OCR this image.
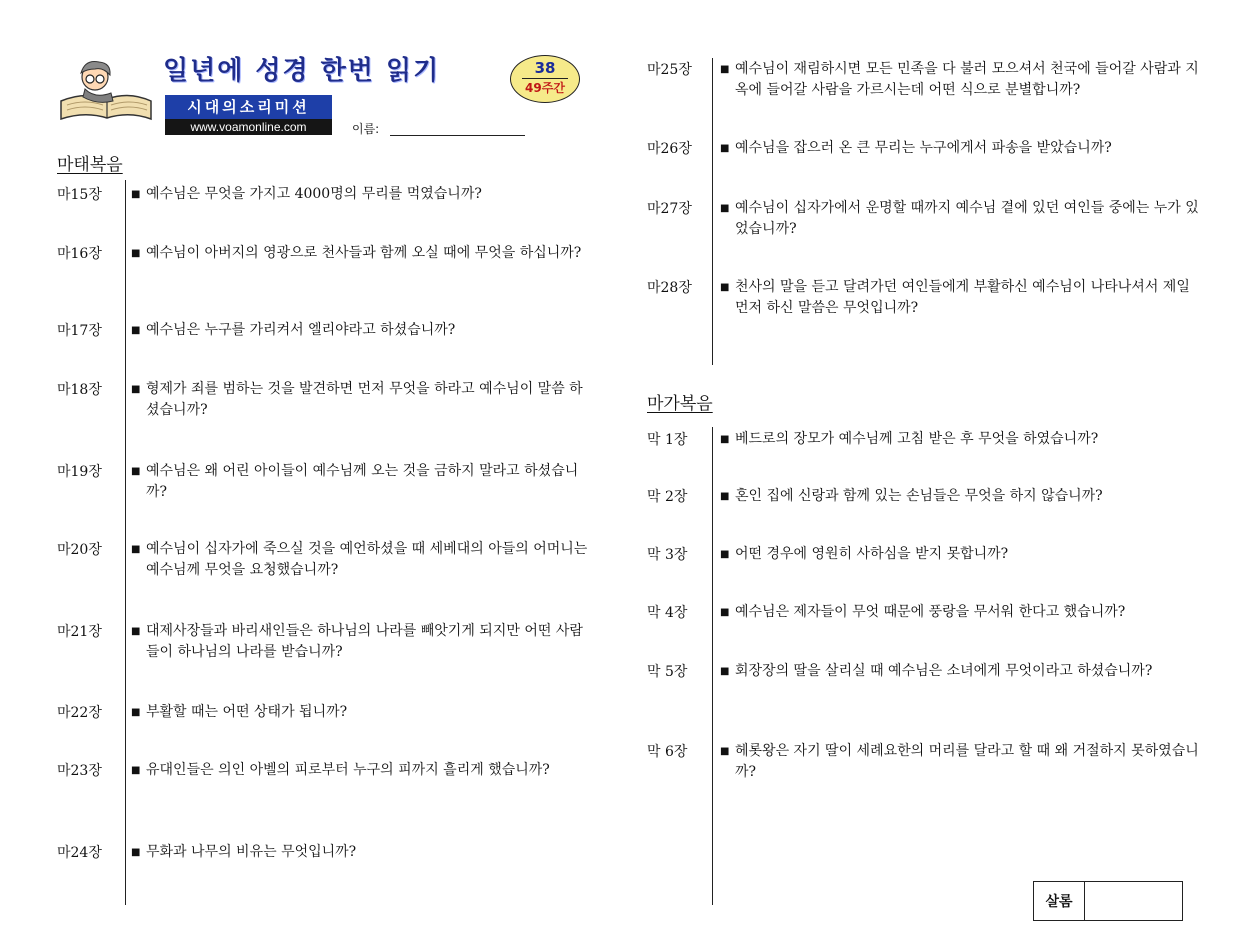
일년에 성경 한번 읽기	38
49주간
시대의소리미션
www.voamonline.com	이름:
마태복음
마15장	■ 예수님은 무엇을 가지고 4000명의 무리를 먹였습니까?
마16장	■ 예수님이 아버지의 영광으로 천사들과 함께 오실 때에 무엇을 하십니까?
마17장	■ 예수님은 누구를 가리켜서 엘리야라고 하셨습니까?
마18장	■ 형제가 죄를 범하는 것을 발견하면 먼저 무엇을 하라고 예수님이 말씀 하셨습니까?
마19장	■ 예수님은 왜 어린 아이들이 예수님께 오는 것을 금하지 말라고 하셨습니까?
마20장	■ 예수님이 십자가에 죽으실 것을 예언하셨을 때 세베대의 아들의 어머니는 예수님께 무엇을 요청했습니까?
마21장	■ 대제사장들과 바리새인들은 하나님의 나라를 빼앗기게 되지만 어떤 사람들이 하나님의 나라를 받습니까?
마22장	■ 부활할 때는 어떤 상태가 됩니까?
마23장	■ 유대인들은 의인 아벨의 피로부터 누구의 피까지 흘리게 했습니까?
마24장	■ 무화과 나무의 비유는 무엇입니까?
마25장	■ 예수님이 재림하시면 모든 민족을 다 불러 모으셔서 천국에 들어갈 사람과 지옥에 들어갈 사람을 가르시는데 어떤 식으로 분별합니까?
마26장	■ 예수님을 잡으러 온 큰 무리는 누구에게서 파송을 받았습니까?
마27장	■ 예수님이 십자가에서 운명할 때까지 예수님 곁에 있던 여인들 중에는 누가 있었습니까?
마28장	■ 천사의 말을 듣고 달려가던 여인들에게 부활하신 예수님이 나타나셔서 제일 먼저 하신 말씀은 무엇입니까?
마가복음
막 1장	■ 베드로의 장모가 예수님께 고침 받은 후 무엇을 하였습니까?
막 2장	■ 혼인 집에 신랑과 함께 있는 손님들은 무엇을 하지 않습니까?
막 3장	■ 어떤 경우에 영원히 사하심을 받지 못합니까?
막 4장	■ 예수님은 제자들이 무엇 때문에 풍랑을 무서워 한다고 했습니까?
막 5장	■ 회장장의 딸을 살리실 때 예수님은 소녀에게 무엇이라고 하셨습니까?
막 6장	■ 헤롯왕은 자기 딸이 세례요한의 머리를 달라고 할 때 왜 거절하지 못하였습니까?
살롬
